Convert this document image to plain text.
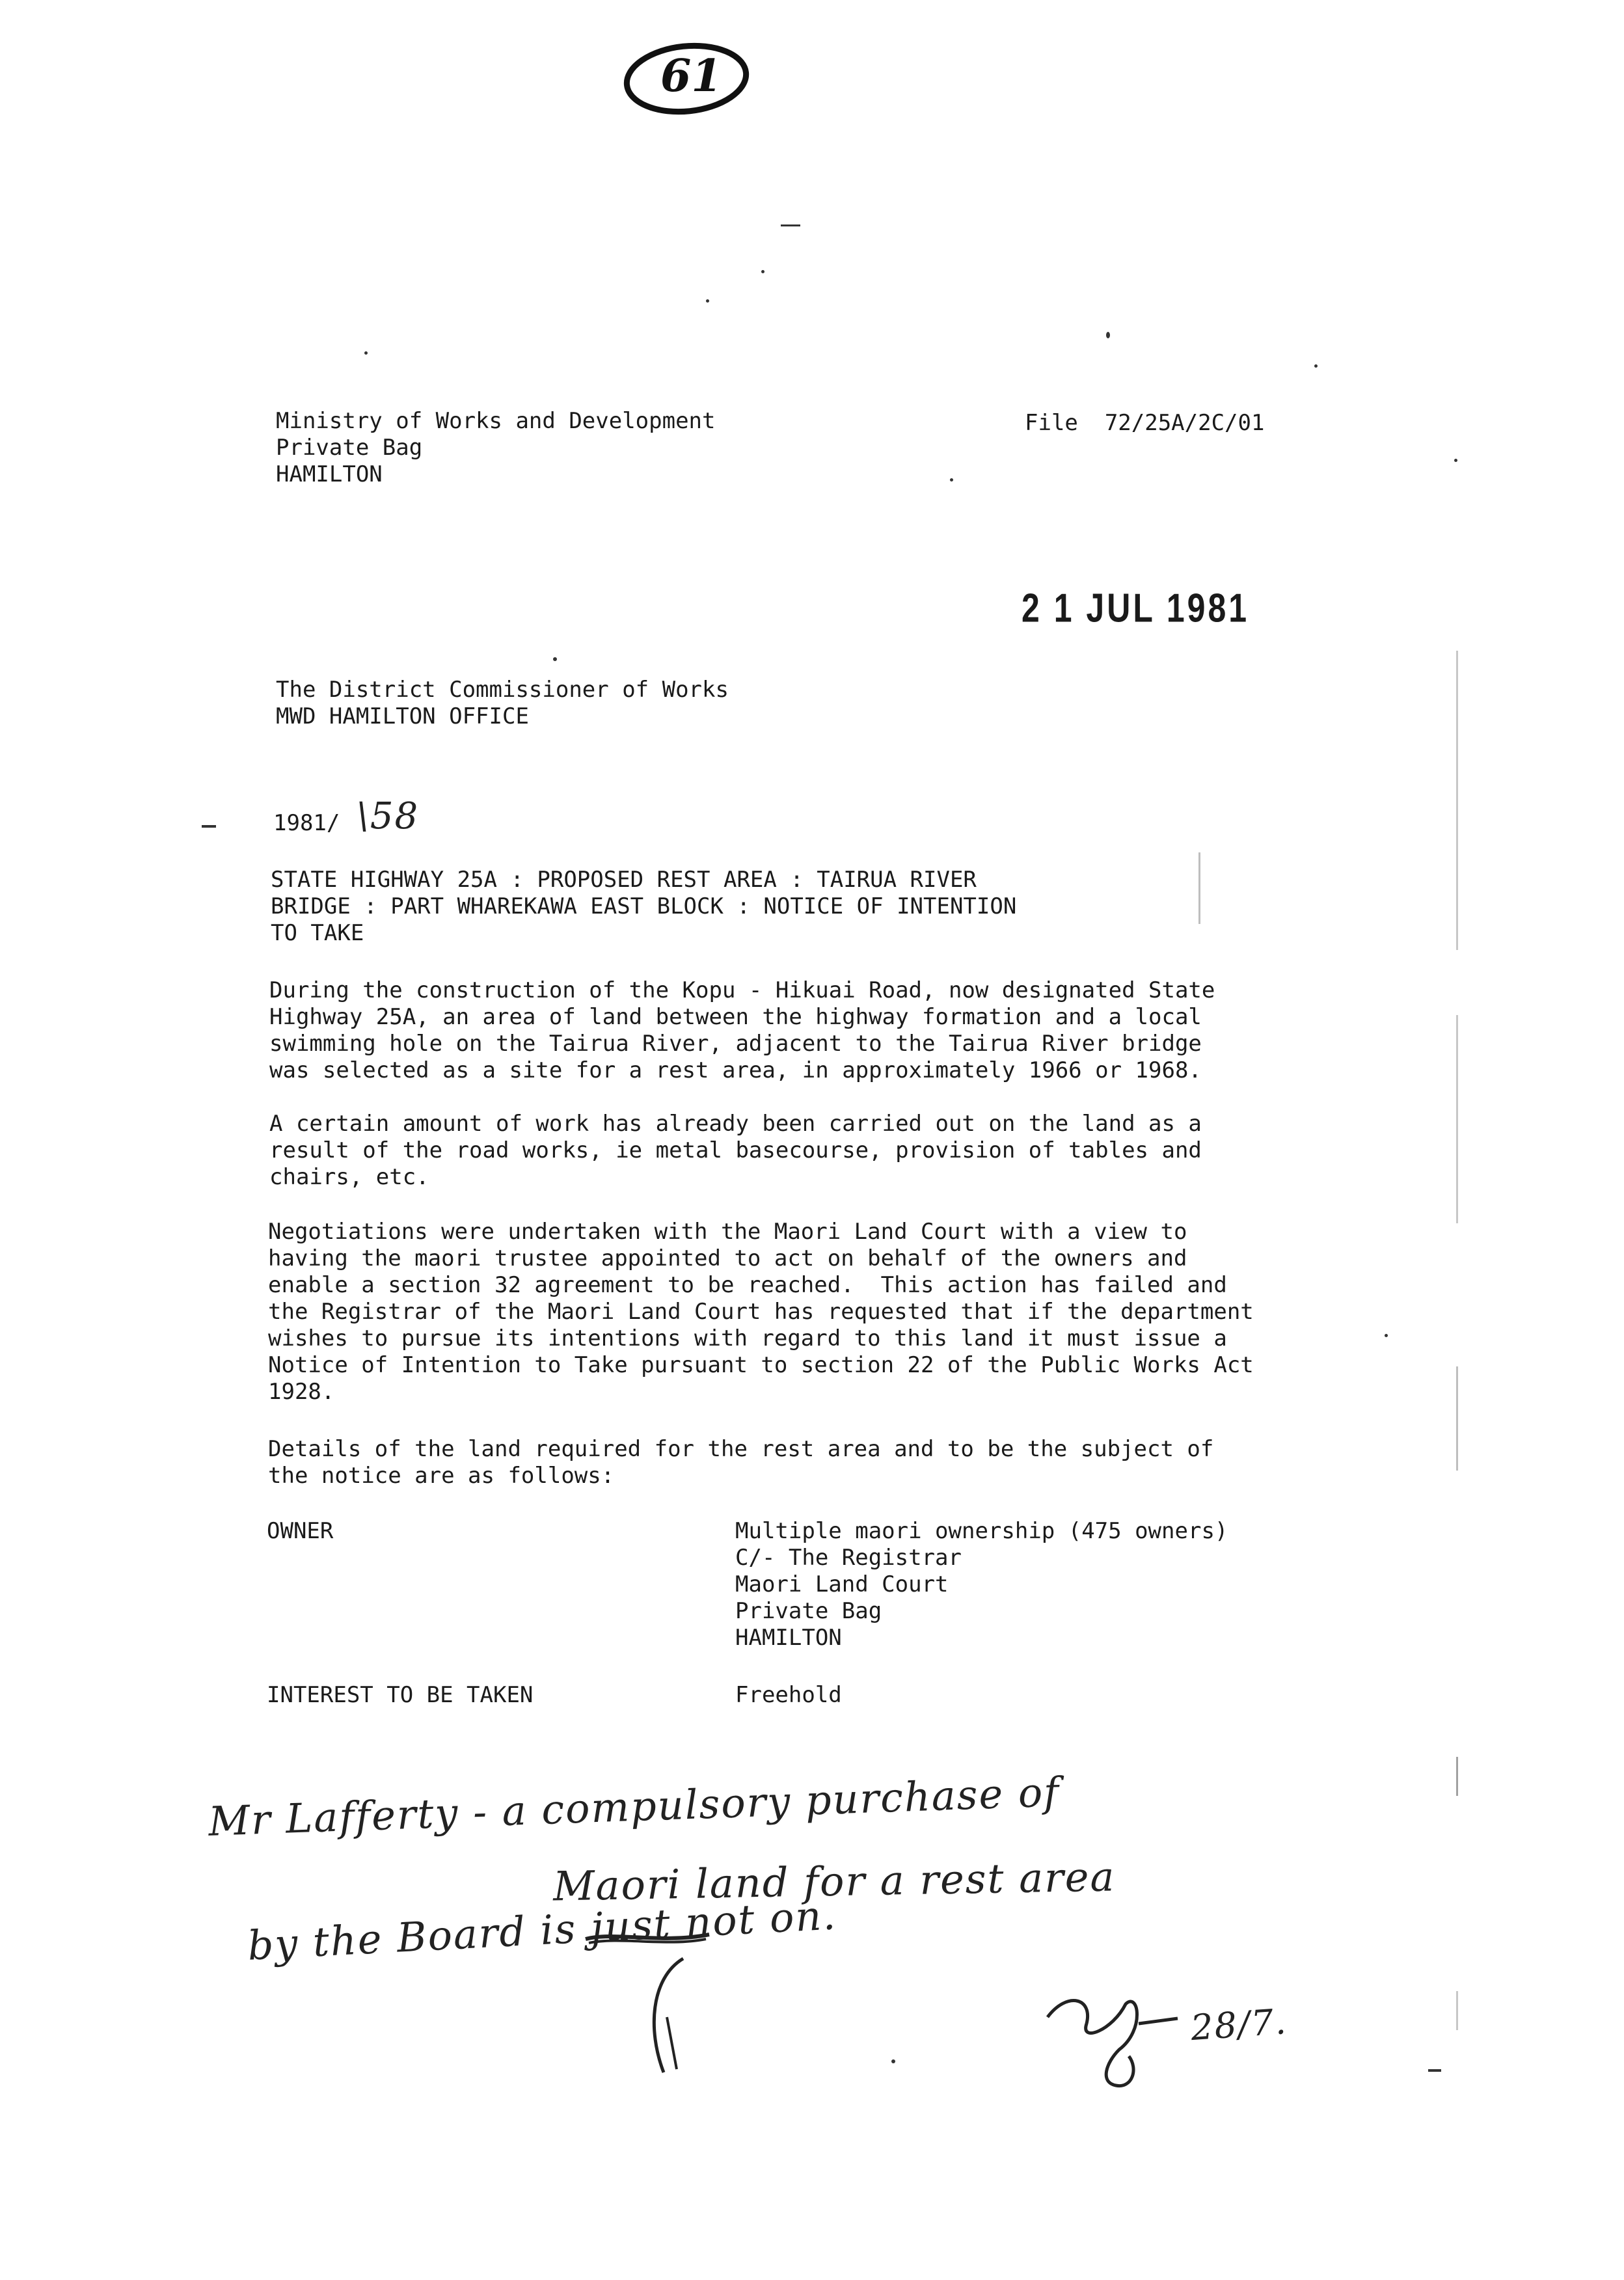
61
Ministry of Works and Development
Private Bag
HAMILTON
File  72/25A/2C/01
2 1 JUL 1981
The District Commissioner of Works
MWD HAMILTON OFFICE
1981/ \58
STATE HIGHWAY 25A : PROPOSED REST AREA : TAIRUA RIVER
BRIDGE : PART WHAREKAWA EAST BLOCK : NOTICE OF INTENTION
TO TAKE
During the construction of the Kopu - Hikuai Road, now designated State
Highway 25A, an area of land between the highway formation and a local
swimming hole on the Tairua River, adjacent to the Tairua River bridge
was selected as a site for a rest area, in approximately 1966 or 1968.
A certain amount of work has already been carried out on the land as a
result of the road works, ie metal basecourse, provision of tables and
chairs, etc.
Negotiations were undertaken with the Maori Land Court with a view to
having the maori trustee appointed to act on behalf of the owners and
enable a section 32 agreement to be reached.  This action has failed and
the Registrar of the Maori Land Court has requested that if the department
wishes to pursue its intentions with regard to this land it must issue a
Notice of Intention to Take pursuant to section 22 of the Public Works Act
1928.
Details of the land required for the rest area and to be the subject of
the notice are as follows:
OWNER	Multiple maori ownership (475 owners)
C/- The Registrar
Maori Land Court
Private Bag
HAMILTON
INTEREST TO BE TAKEN	Freehold
Mr Lafferty - a compulsory purchase of
Maori land for a rest area
by the Board is just not on.
28/7.
